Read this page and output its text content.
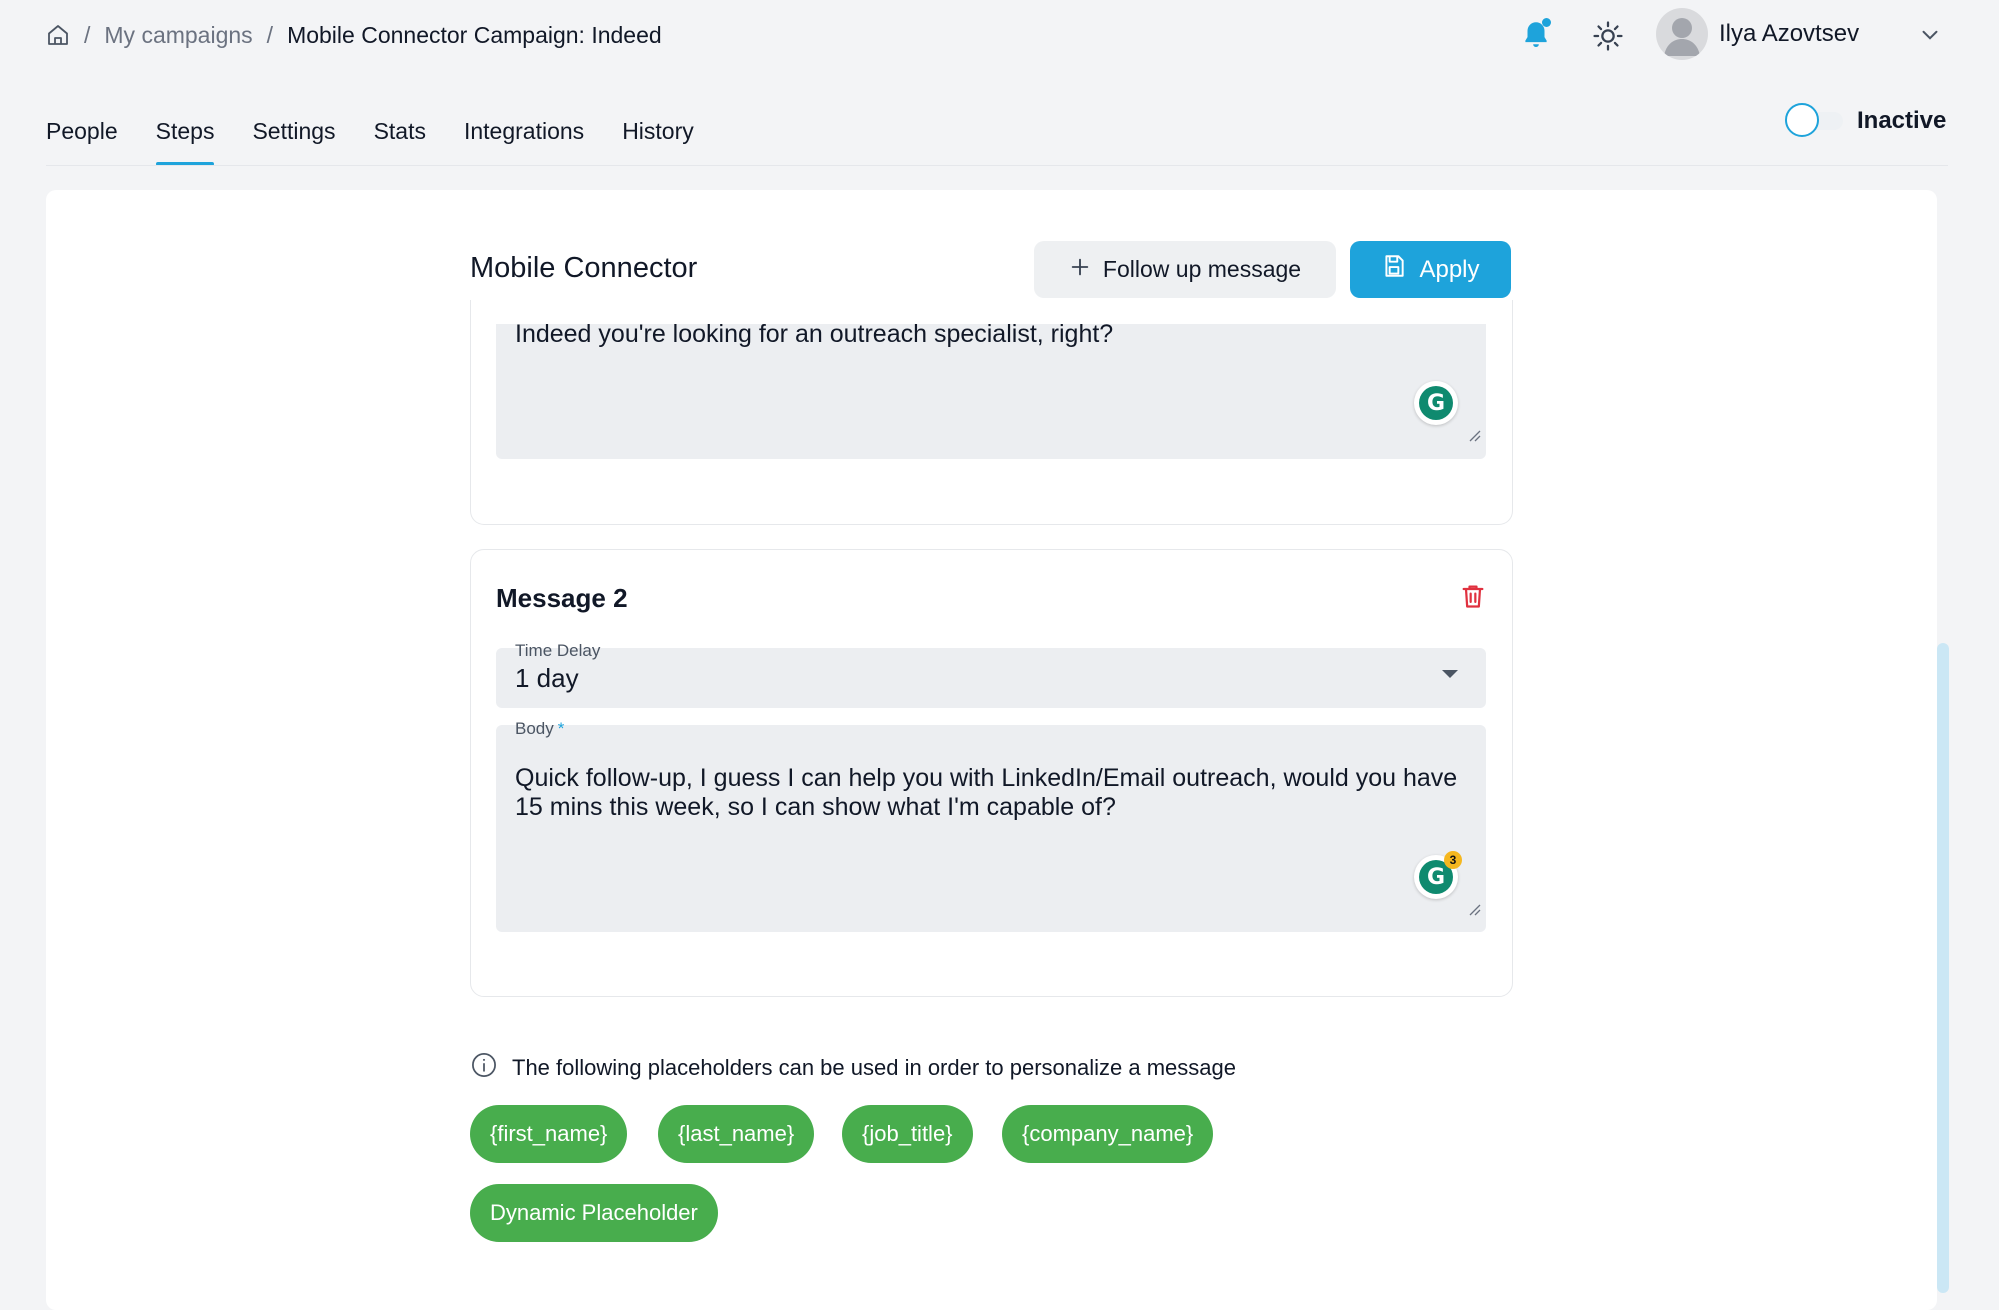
/ My campaigns / Mobile Connector Campaign: Indeed	Ilya Azovtsev
People Steps Settings Stats Integrations History	Inactive
Mobile Connector	Follow up message	Apply
Indeed you're looking for an outreach specialist, right?
G
Message 2
Time Delay
1 day
Body *
Quick follow-up, I guess I can help you with LinkedIn/Email outreach, would you have 15 mins this week, so I can show what I'm capable of?
G
3
The following placeholders can be used in order to personalize a message
{first_name}	{last_name}	{job_title}	{company_name}
Dynamic Placeholder
